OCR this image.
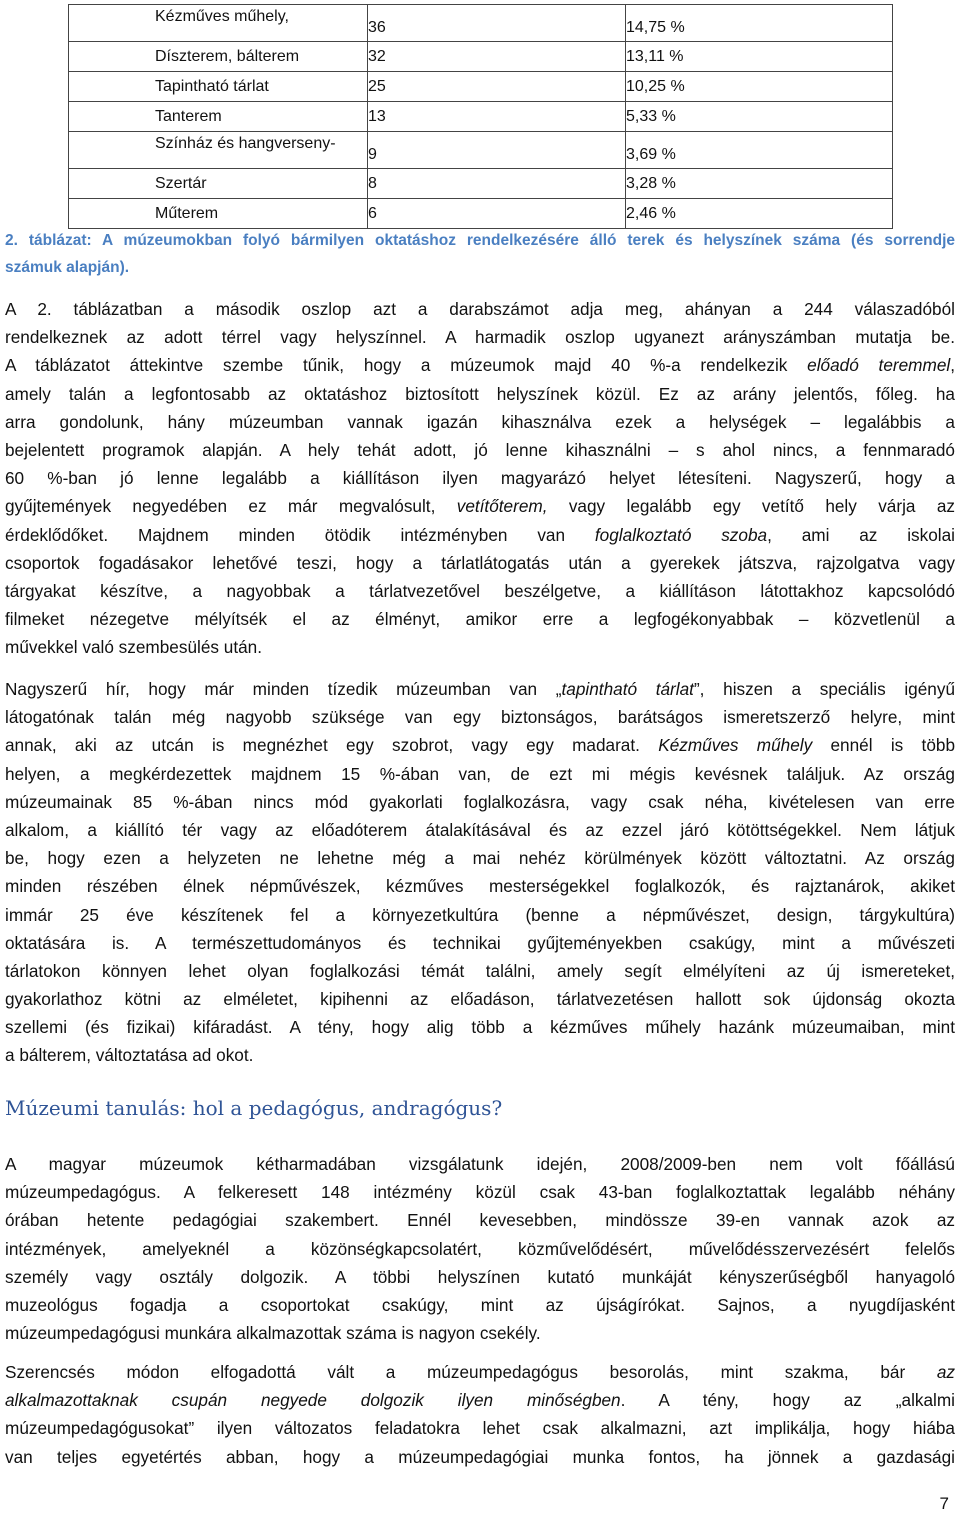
Kézműves műhely,	36	14,75 %
Díszterem, bálterem	32	13,11 %
Tapintható tárlat	25	10,25 %
Tanterem	13	5,33 %
Színház és hangverseny-	9	3,69 %
Szertár	8	3,28 %
Műterem	6	2,46 %
2. táblázat: A múzeumokban folyó bármilyen oktatáshoz rendelkezésére álló terek és helyszínek száma (és sorrendje
számuk alapján).
A 2. táblázatban a második oszlop azt a darabszámot adja meg, ahányan a 244 válaszadóból
rendelkeznek az adott térrel vagy helyszínnel. A harmadik oszlop ugyanezt arányszámban mutatja be.
A táblázatot áttekintve szembe tűnik, hogy a múzeumok majd 40 %-a rendelkezik előadó teremmel,
amely talán a legfontosabb az oktatáshoz biztosított helyszínek közül. Ez az arány jelentős, főleg. ha
arra gondolunk, hány múzeumban vannak igazán kihasználva ezek a helységek – legalábbis a
bejelentett programok alapján. A hely tehát adott, jó lenne kihasználni – s ahol nincs, a fennmaradó
60 %-ban jó lenne legalább a kiállításon ilyen magyarázó helyet létesíteni. Nagyszerű, hogy a
gyűjtemények negyedében ez már megvalósult, vetítőterem, vagy legalább egy vetítő hely várja az
érdeklődőket. Majdnem minden ötödik intézményben van foglalkoztató szoba, ami az iskolai
csoportok fogadásakor lehetővé teszi, hogy a tárlatlátogatás után a gyerekek játszva, rajzolgatva vagy
tárgyakat készítve, a nagyobbak a tárlatvezetővel beszélgetve, a kiállításon látottakhoz kapcsolódó
filmeket nézegetve mélyítsék el az élményt, amikor erre a legfogékonyabbak – közvetlenül a
művekkel való szembesülés után.
Nagyszerű hír, hogy már minden tízedik múzeumban van „tapintható tárlat”, hiszen a speciális igényű
látogatónak talán még nagyobb szüksége van egy biztonságos, barátságos ismeretszerző helyre, mint
annak, aki az utcán is megnézhet egy szobrot, vagy egy madarat. Kézműves műhely ennél is több
helyen, a megkérdezettek majdnem 15 %-ában van, de ezt mi mégis kevésnek találjuk. Az ország
múzeumainak 85 %-ában nincs mód gyakorlati foglalkozásra, vagy csak néha, kivételesen van erre
alkalom, a kiállító tér vagy az előadóterem átalakításával és az ezzel járó kötöttségekkel. Nem látjuk
be, hogy ezen a helyzeten ne lehetne még a mai nehéz körülmények között változtatni. Az ország
minden részében élnek népművészek, kézműves mesterségekkel foglalkozók, és rajztanárok, akiket
immár 25 éve készítenek fel a környezetkultúra (benne a népművészet, design, tárgykultúra)
oktatására is. A természettudományos és technikai gyűjteményekben csakúgy, mint a művészeti
tárlatokon könnyen lehet olyan foglalkozási témát találni, amely segít elmélyíteni az új ismereteket,
gyakorlathoz kötni az elméletet, kipihenni az előadáson, tárlatvezetésen hallott sok újdonság okozta
szellemi (és fizikai) kifáradást. A tény, hogy alig több a kézműves műhely hazánk múzeumaiban, mint
a bálterem, változtatása ad okot.
Múzeumi tanulás: hol a pedagógus, andragógus?
A magyar múzeumok kétharmadában vizsgálatunk idején, 2008/2009-ben nem volt főállású
múzeumpedagógus. A felkeresett 148 intézmény közül csak 43-ban foglalkoztattak legalább néhány
órában hetente pedagógiai szakembert. Ennél kevesebben, mindössze 39-en vannak azok az
intézmények, amelyeknél a közönségkapcsolatért, közművelődésért, művelődésszervezésért felelős
személy vagy osztály dolgozik. A többi helyszínen kutató munkáját kényszerűségből hanyagoló
muzeológus fogadja a csoportokat csakúgy, mint az újságírókat. Sajnos, a nyugdíjasként
múzeumpedagógusi munkára alkalmazottak száma is nagyon csekély.
Szerencsés módon elfogadottá vált a múzeumpedagógus besorolás, mint szakma, bár az
alkalmazottaknak csupán negyede dolgozik ilyen minőségben. A tény, hogy az „alkalmi
múzeumpedagógusokat” ilyen változatos feladatokra lehet csak alkalmazni, azt implikálja, hogy hiába
van teljes egyetértés abban, hogy a múzeumpedagógiai munka fontos, ha jönnek a gazdasági
7
